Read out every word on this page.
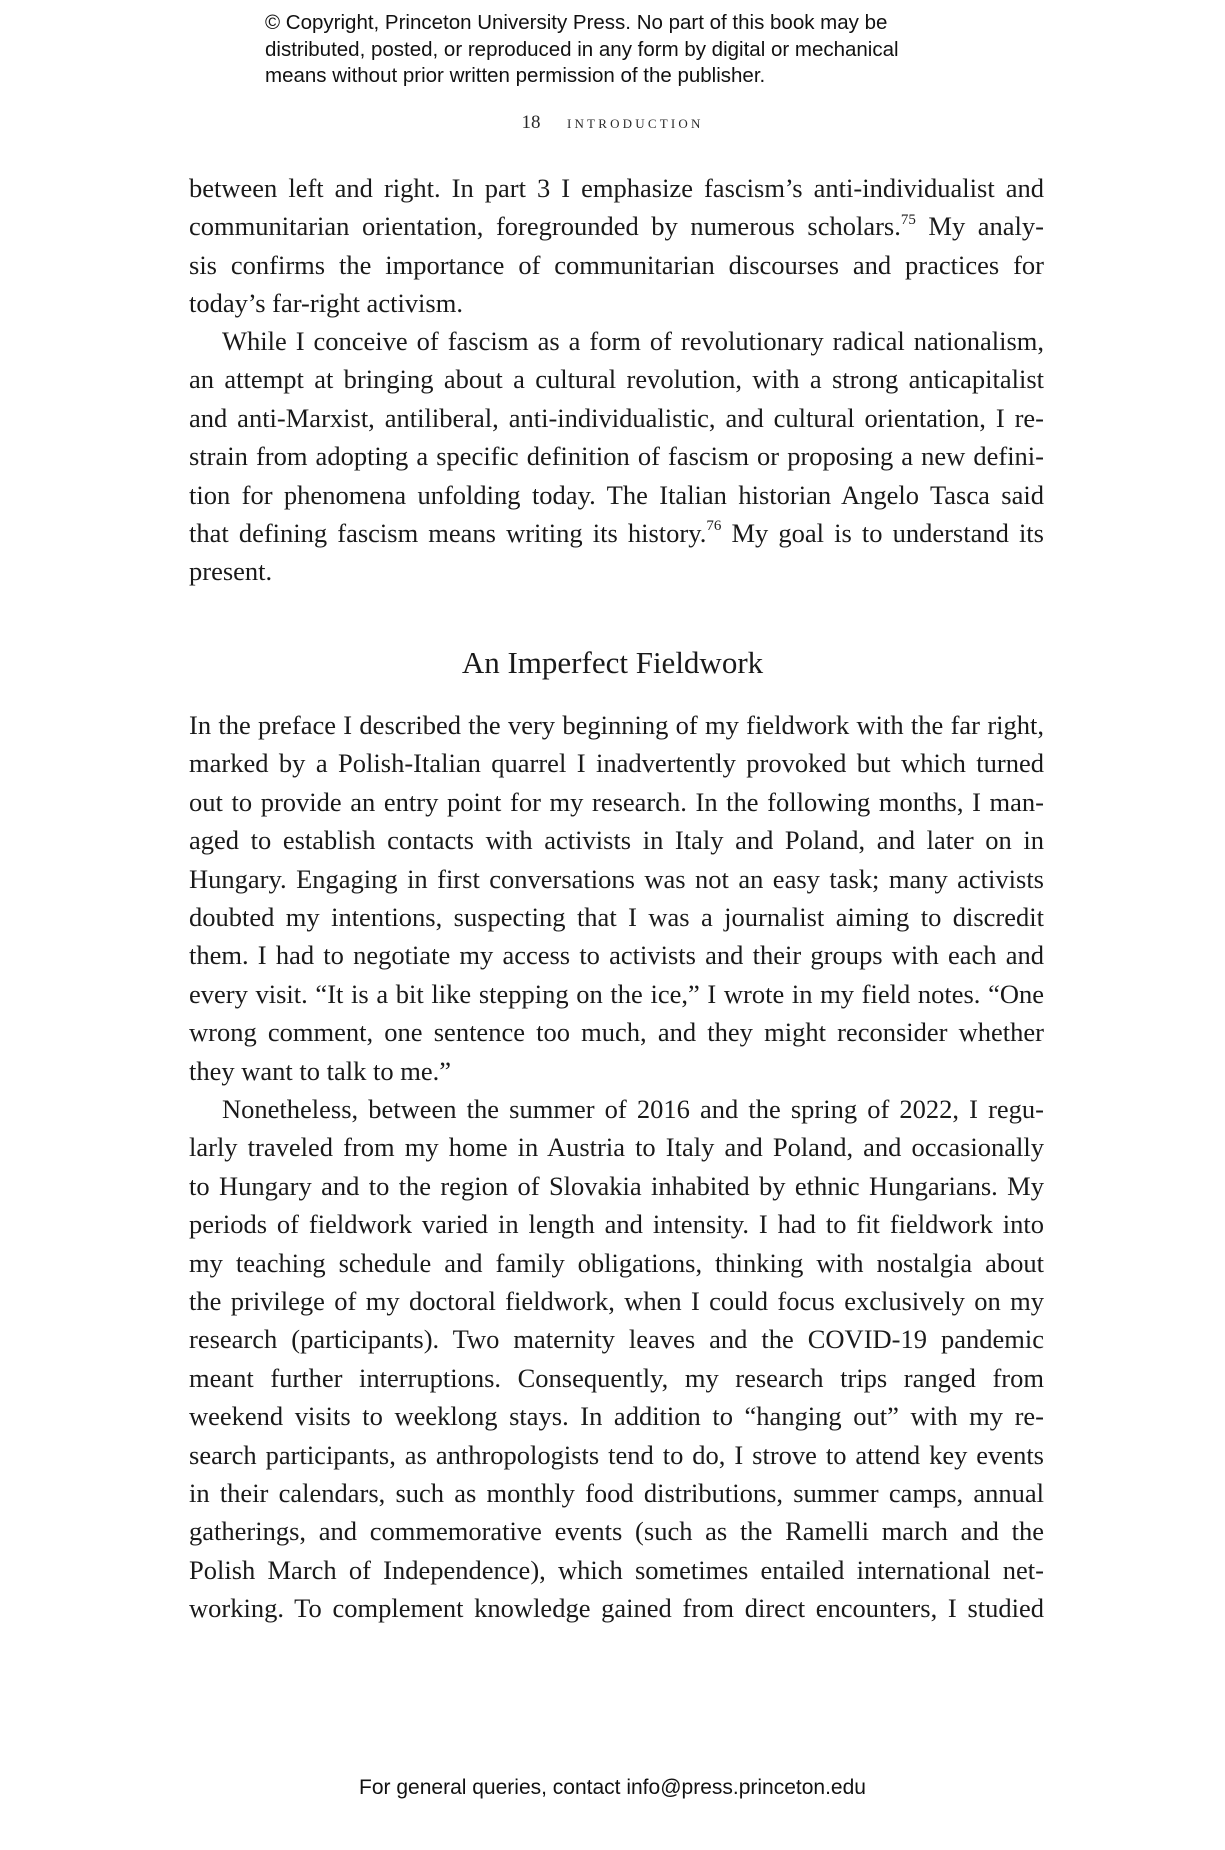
© Copyright, Princeton University Press. No part of this book may be
distributed, posted, or reproduced in any form by digital or mechanical
means without prior written permission of the publisher.
18 introduction
between left and right. In part 3 I emphasize fascism’s anti-individualist and
communitarian orientation, foregrounded by numerous scholars.$^{75}$ My analy-
sis confirms the importance of communitarian discourses and practices for
today’s far-right activism.
While I conceive of fascism as a form of revolutionary radical nationalism,
an attempt at bringing about a cultural revolution, with a strong anticapitalist
and anti-Marxist, antiliberal, anti-individualistic, and cultural orientation, I re-
strain from adopting a specific definition of fascism or proposing a new defini-
tion for phenomena unfolding today. The Italian historian Angelo Tasca said
that defining fascism means writing its history.$^{76}$ My goal is to understand its
present.
An Imperfect Fieldwork
In the preface I described the very beginning of my fieldwork with the far right,
marked by a Polish-Italian quarrel I inadvertently provoked but which turned
out to provide an entry point for my research. In the following months, I man-
aged to establish contacts with activists in Italy and Poland, and later on in
Hungary. Engaging in first conversations was not an easy task; many activists
doubted my intentions, suspecting that I was a journalist aiming to discredit
them. I had to negotiate my access to activists and their groups with each and
every visit. “It is a bit like stepping on the ice,” I wrote in my field notes. “One
wrong comment, one sentence too much, and they might reconsider whether
they want to talk to me.”
Nonetheless, between the summer of 2016 and the spring of 2022, I regu-
larly traveled from my home in Austria to Italy and Poland, and occasionally
to Hungary and to the region of Slovakia inhabited by ethnic Hungarians. My
periods of fieldwork varied in length and intensity. I had to fit fieldwork into
my teaching schedule and family obligations, thinking with nostalgia about
the privilege of my doctoral fieldwork, when I could focus exclusively on my
research (participants). Two maternity leaves and the COVID-19 pandemic
meant further interruptions. Consequently, my research trips ranged from
weekend visits to weeklong stays. In addition to “hanging out” with my re-
search participants, as anthropologists tend to do, I strove to attend key events
in their calendars, such as monthly food distributions, summer camps, annual
gatherings, and commemorative events (such as the Ramelli march and the
Polish March of Independence), which sometimes entailed international net-
working. To complement knowledge gained from direct encounters, I studied
For general queries, contact info@press.princeton.edu
